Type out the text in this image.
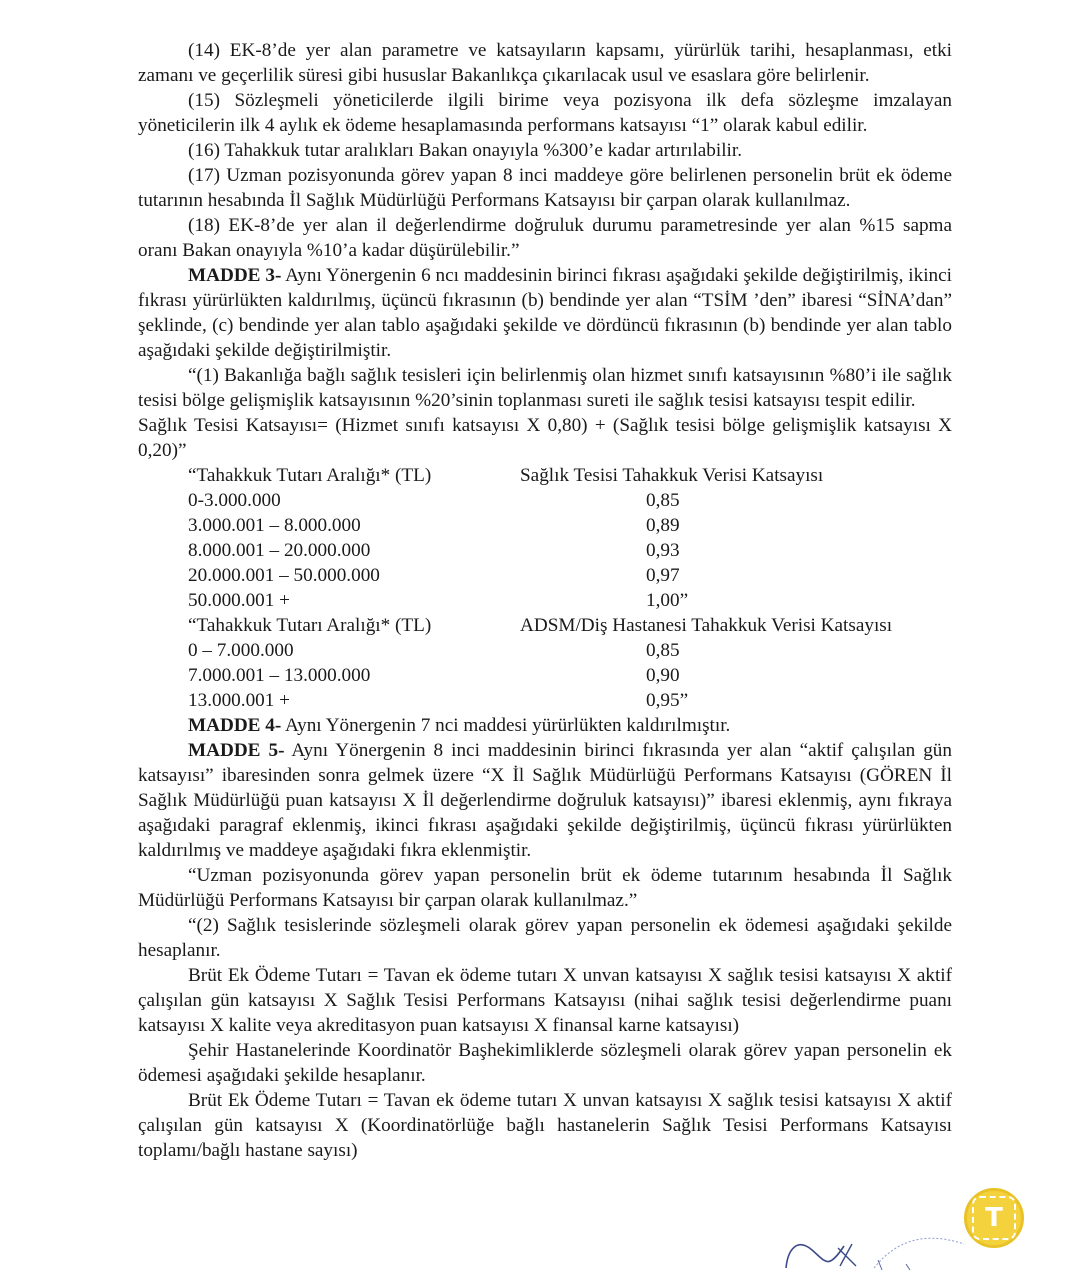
(14) EK-8’de yer alan parametre ve katsayıların kapsamı, yürürlük tarihi, hesaplanması, etki zamanı ve geçerlilik süresi gibi hususlar Bakanlıkça çıkarılacak usul ve esaslara göre belirlenir.

(15) Sözleşmeli yöneticilerde ilgili birime veya pozisyona ilk defa sözleşme imzalayan yöneticilerin ilk 4 aylık ek ödeme hesaplamasında performans katsayısı “1” olarak kabul edilir.

(16) Tahakkuk tutar aralıkları Bakan onayıyla %300’e kadar artırılabilir.

(17) Uzman pozisyonunda görev yapan 8 inci maddeye göre belirlenen personelin brüt ek ödeme tutarının hesabında İl Sağlık Müdürlüğü Performans Katsayısı bir çarpan olarak kullanılmaz.

(18) EK-8’de yer alan il değerlendirme doğruluk durumu parametresinde yer alan %15 sapma oranı Bakan onayıyla %10’a kadar düşürülebilir.”

MADDE 3- Aynı Yönergenin 6 ncı maddesinin birinci fıkrası aşağıdaki şekilde değiştirilmiş, ikinci fıkrası yürürlükten kaldırılmış, üçüncü fıkrasının (b) bendinde yer alan “TSİM ’den” ibaresi “SİNA’dan” şeklinde, (c) bendinde yer alan tablo aşağıdaki şekilde ve dördüncü fıkrasının (b) bendinde yer alan tablo aşağıdaki şekilde değiştirilmiştir.

“(1) Bakanlığa bağlı sağlık tesisleri için belirlenmiş olan hizmet sınıfı katsayısının %80’i ile sağlık tesisi bölge gelişmişlik katsayısının %20’sinin toplanması sureti ile sağlık tesisi katsayısı tespit edilir.

Sağlık Tesisi Katsayısı= (Hizmet sınıfı katsayısı X 0,80) + (Sağlık tesisi bölge gelişmişlik katsayısı X 0,20)”

“Tahakkuk Tutarı Aralığı* (TL)	Sağlık Tesisi Tahakkuk Verisi Katsayısı
0-3.000.000	0,85
3.000.001 – 8.000.000	0,89
8.000.001 – 20.000.000	0,93
20.000.001 – 50.000.000	0,97
50.000.001 +	1,00”
“Tahakkuk Tutarı Aralığı* (TL)	ADSM/Diş Hastanesi Tahakkuk Verisi Katsayısı
0 – 7.000.000	0,85
7.000.001 – 13.000.000	0,90
13.000.001 +	0,95”

MADDE 4- Aynı Yönergenin 7 nci maddesi yürürlükten kaldırılmıştır.

MADDE 5- Aynı Yönergenin 8 inci maddesinin birinci fıkrasında yer alan “aktif çalışılan gün katsayısı” ibaresinden sonra gelmek üzere “X İl Sağlık Müdürlüğü Performans Katsayısı (GÖREN İl Sağlık Müdürlüğü puan katsayısı X İl değerlendirme doğruluk katsayısı)” ibaresi eklenmiş, aynı fıkraya aşağıdaki paragraf eklenmiş, ikinci fıkrası aşağıdaki şekilde değiştirilmiş, üçüncü fıkrası yürürlükten kaldırılmış ve maddeye aşağıdaki fıkra eklenmiştir.

“Uzman pozisyonunda görev yapan personelin brüt ek ödeme tutarınım hesabında İl Sağlık Müdürlüğü Performans Katsayısı bir çarpan olarak kullanılmaz.”

“(2) Sağlık tesislerinde sözleşmeli olarak görev yapan personelin ek ödemesi aşağıdaki şekilde hesaplanır.

Brüt Ek Ödeme Tutarı = Tavan ek ödeme tutarı X unvan katsayısı X sağlık tesisi katsayısı X aktif çalışılan gün katsayısı X Sağlık Tesisi Performans Katsayısı (nihai sağlık tesisi değerlendirme puanı katsayısı X kalite veya akreditasyon puan katsayısı X finansal karne katsayısı)

Şehir Hastanelerinde Koordinatör Başhekimliklerde sözleşmeli olarak görev yapan personelin ek ödemesi aşağıdaki şekilde hesaplanır.

Brüt Ek Ödeme Tutarı = Tavan ek ödeme tutarı X unvan katsayısı X sağlık tesisi katsayısı X aktif çalışılan gün katsayısı X (Koordinatörlüğe bağlı hastanelerin Sağlık Tesisi Performans Katsayısı toplamı/bağlı hastane sayısı)

T
